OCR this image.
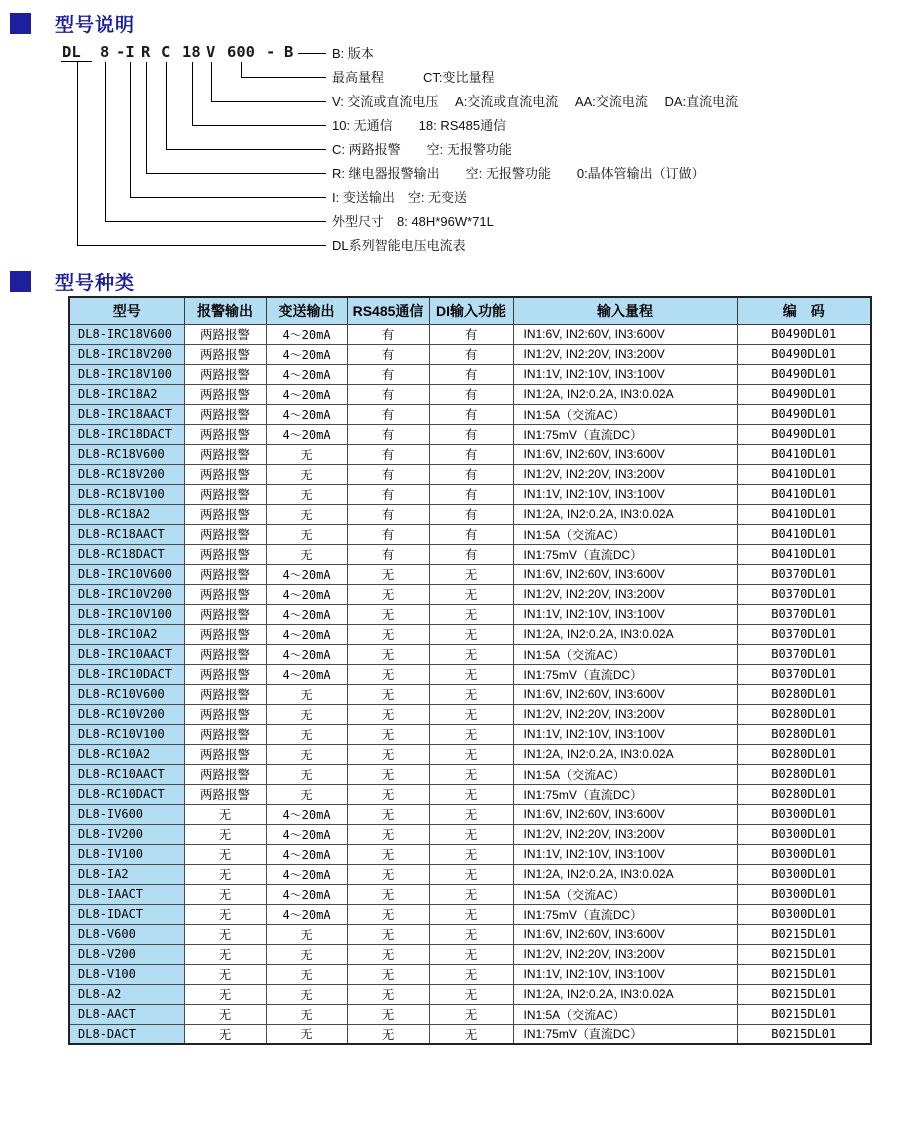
型号说明
DL 8 -I R C 18 V 600 - B	B: 版本
最高量程　　　CT:变比量程
V: 交流或直流电压　 A:交流或直流电流　 AA:交流电流　 DA:直流电流
10: 无通信　　18: RS485通信
C: 两路报警　　空: 无报警功能
R: 继电器报警输出　　空: 无报警功能　　0:晶体管输出（订做）
I: 变送输出　空: 无变送
外型尺寸　8: 48H*96W*71L
DL系列智能电压电流表
型号种类
型号	报警输出	变送输出	RS485通信	DI输入功能	输入量程	编　码
DL8-IRC18V600	两路报警	4～20mA	有	有	IN1:6V, IN2:60V, IN3:600V	B0490DL01
DL8-IRC18V200	两路报警	4～20mA	有	有	IN1:2V, IN2:20V, IN3:200V	B0490DL01
DL8-IRC18V100	两路报警	4～20mA	有	有	IN1:1V, IN2:10V, IN3:100V	B0490DL01
DL8-IRC18A2	两路报警	4～20mA	有	有	IN1:2A, IN2:0.2A, IN3:0.02A	B0490DL01
DL8-IRC18AACT	两路报警	4～20mA	有	有	IN1:5A（交流AC）	B0490DL01
DL8-IRC18DACT	两路报警	4～20mA	有	有	IN1:75mV（直流DC）	B0490DL01
DL8-RC18V600	两路报警	无	有	有	IN1:6V, IN2:60V, IN3:600V	B0410DL01
DL8-RC18V200	两路报警	无	有	有	IN1:2V, IN2:20V, IN3:200V	B0410DL01
DL8-RC18V100	两路报警	无	有	有	IN1:1V, IN2:10V, IN3:100V	B0410DL01
DL8-RC18A2	两路报警	无	有	有	IN1:2A, IN2:0.2A, IN3:0.02A	B0410DL01
DL8-RC18AACT	两路报警	无	有	有	IN1:5A（交流AC）	B0410DL01
DL8-RC18DACT	两路报警	无	有	有	IN1:75mV（直流DC）	B0410DL01
DL8-IRC10V600	两路报警	4～20mA	无	无	IN1:6V, IN2:60V, IN3:600V	B0370DL01
DL8-IRC10V200	两路报警	4～20mA	无	无	IN1:2V, IN2:20V, IN3:200V	B0370DL01
DL8-IRC10V100	两路报警	4～20mA	无	无	IN1:1V, IN2:10V, IN3:100V	B0370DL01
DL8-IRC10A2	两路报警	4～20mA	无	无	IN1:2A, IN2:0.2A, IN3:0.02A	B0370DL01
DL8-IRC10AACT	两路报警	4～20mA	无	无	IN1:5A（交流AC）	B0370DL01
DL8-IRC10DACT	两路报警	4～20mA	无	无	IN1:75mV（直流DC）	B0370DL01
DL8-RC10V600	两路报警	无	无	无	IN1:6V, IN2:60V, IN3:600V	B0280DL01
DL8-RC10V200	两路报警	无	无	无	IN1:2V, IN2:20V, IN3:200V	B0280DL01
DL8-RC10V100	两路报警	无	无	无	IN1:1V, IN2:10V, IN3:100V	B0280DL01
DL8-RC10A2	两路报警	无	无	无	IN1:2A, IN2:0.2A, IN3:0.02A	B0280DL01
DL8-RC10AACT	两路报警	无	无	无	IN1:5A（交流AC）	B0280DL01
DL8-RC10DACT	两路报警	无	无	无	IN1:75mV（直流DC）	B0280DL01
DL8-IV600	无	4～20mA	无	无	IN1:6V, IN2:60V, IN3:600V	B0300DL01
DL8-IV200	无	4～20mA	无	无	IN1:2V, IN2:20V, IN3:200V	B0300DL01
DL8-IV100	无	4～20mA	无	无	IN1:1V, IN2:10V, IN3:100V	B0300DL01
DL8-IA2	无	4～20mA	无	无	IN1:2A, IN2:0.2A, IN3:0.02A	B0300DL01
DL8-IAACT	无	4～20mA	无	无	IN1:5A（交流AC）	B0300DL01
DL8-IDACT	无	4～20mA	无	无	IN1:75mV（直流DC）	B0300DL01
DL8-V600	无	无	无	无	IN1:6V, IN2:60V, IN3:600V	B0215DL01
DL8-V200	无	无	无	无	IN1:2V, IN2:20V, IN3:200V	B0215DL01
DL8-V100	无	无	无	无	IN1:1V, IN2:10V, IN3:100V	B0215DL01
DL8-A2	无	无	无	无	IN1:2A, IN2:0.2A, IN3:0.02A	B0215DL01
DL8-AACT	无	无	无	无	IN1:5A（交流AC）	B0215DL01
DL8-DACT	无	无	无	无	IN1:75mV（直流DC）	B0215DL01
